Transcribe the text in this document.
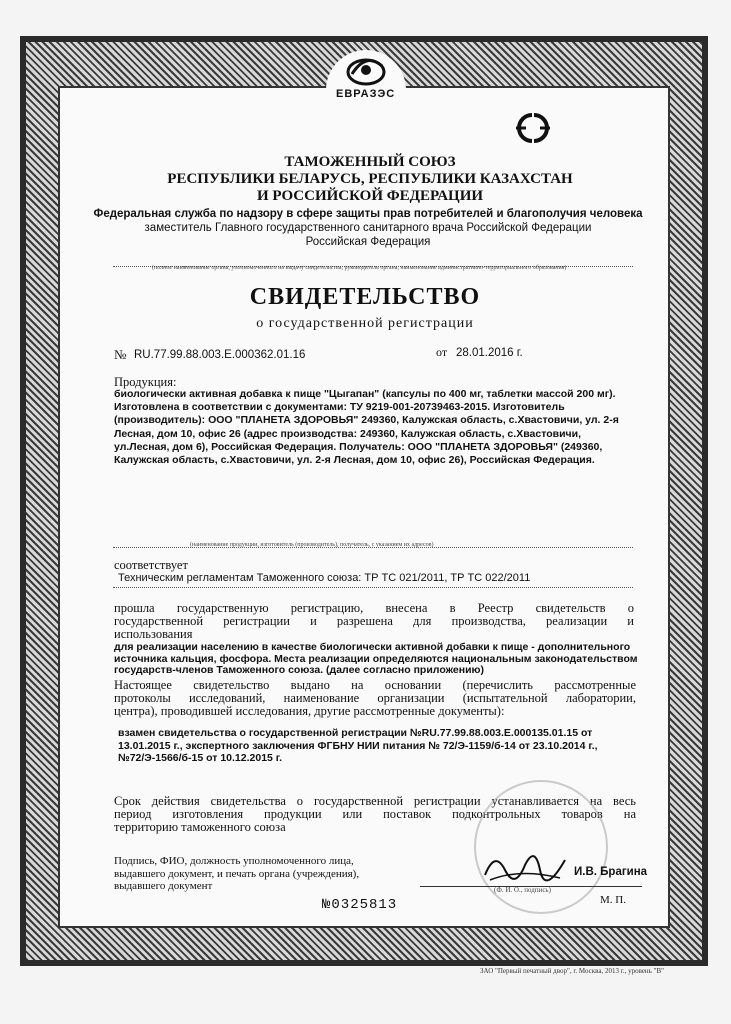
ЕВРАЗЭС
ТАМОЖЕННЫЙ СОЮЗ
РЕСПУБЛИКИ БЕЛАРУСЬ, РЕСПУБЛИКИ КАЗАХСТАН
И РОССИЙСКОЙ ФЕДЕРАЦИИ
Федеральная служба по надзору в сфере защиты прав потребителей и благополучия человека
заместитель Главного государственного санитарного врача Российской Федерации
Российская Федерация
(полное наименование органа, уполномоченного на выдачу свидетельства, руководитель органа, наименование административно-территориального образования)
СВИДЕТЕЛЬСТВО
о государственной регистрации
№ RU.77.99.88.003.E.000362.01.16	от 28.01.2016 г.
Продукция:
биологически активная добавка к пище "Цыгапан" (капсулы по 400 мг, таблетки массой 200 мг).
Изготовлена в соответствии с документами: ТУ 9219-001-20739463-2015. Изготовитель
(производитель): ООО "ПЛАНЕТА ЗДОРОВЬЯ" 249360, Калужская область, с.Хвастовичи, ул. 2-я
Лесная, дом 10, офис 26 (адрес производства: 249360, Калужская область, с.Хвастовичи,
ул.Лесная, дом 6), Российская Федерация. Получатель: ООО "ПЛАНЕТА ЗДОРОВЬЯ" (249360,
Калужская область, с.Хвастовичи, ул. 2-я Лесная, дом 10, офис 26), Российская Федерация.
(наименование продукции, изготовитель (производитель), получатель, с указанием их адресов)
соответствует
Техническим регламентам Таможенного союза: ТР ТС 021/2011, ТР ТС 022/2011
прошла государственную регистрацию, внесена в Реестр свидетельств о
государственной регистрации и разрешена для производства, реализации и
использования
для реализации населению в качестве биологически активной добавки к пище - дополнительного
источника кальция, фосфора. Места реализации определяются национальным законодательством
государств-членов Таможенного союза. (далее согласно приложению)
Настоящее свидетельство выдано на основании (перечислить рассмотренные
протоколы исследований, наименование организации (испытательной лаборатории,
центра), проводившей исследования, другие рассмотренные документы):
взамен свидетельства о государственной регистрации №RU.77.99.88.003.Е.000135.01.15 от
13.01.2015 г., экспертного заключения ФГБНУ НИИ питания № 72/Э-1159/б-14 от 23.10.2014 г.,
№72/Э-1566/б-15 от 10.12.2015 г.
Срок действия свидетельства о государственной регистрации устанавливается на весь
период изготовления продукции или поставок подконтрольных товаров на
территорию таможенного союза
Подпись, ФИО, должность уполномоченного лица,
выдавшего документ, и печать органа (учреждения),
выдавшего документ
И.В. Брагина
(Ф. И. О., подпись)
М. П.
№0325813
ЗАО "Первый печатный двор", г. Москва, 2013 г., уровень "В"
